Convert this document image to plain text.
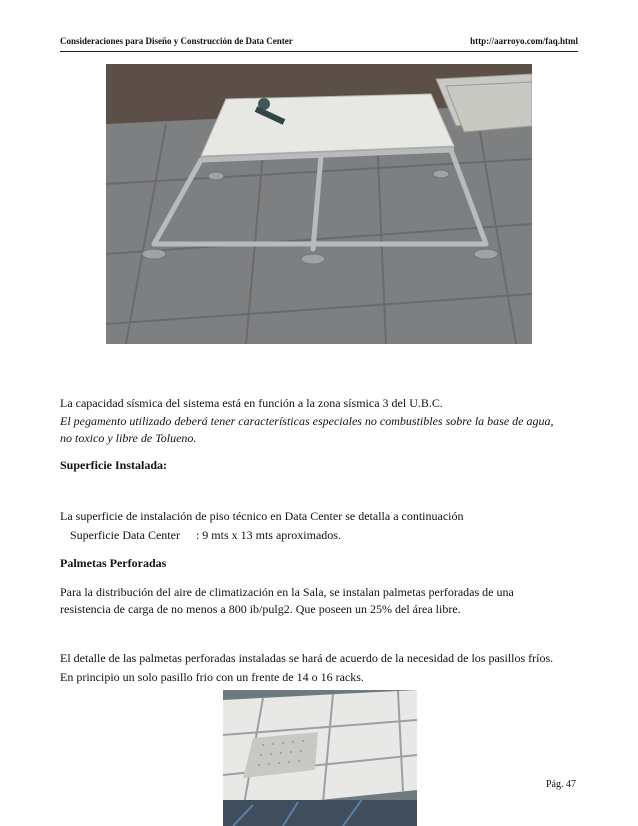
Consideraciones para Diseño y Construcción de Data Center	http://aarroyo.com/faq.html
La capacidad sísmica del sistema está en función a la zona sísmica 3 del U.B.C.
El pegamento utilizado deberá tener características especiales no combustibles sobre la base de agua,
no toxico y libre de Tolueno.
Superficie Instalada:
La superficie de instalación de piso técnico en Data Center se detalla a continuación
Superficie Data Center : 9 mts x 13 mts aproximados.
Palmetas Perforadas
Para la distribución del aire de climatización en la Sala, se instalan palmetas perforadas de una
resistencia de carga de no menos a 800 ib/pulg2. Que poseen un 25% del área libre.
El detalle de las palmetas perforadas instaladas se hará de acuerdo de la necesidad de los pasillos fríos.
En principio un solo pasillo frio con un frente de 14 o 16 racks.
Pág. 47
